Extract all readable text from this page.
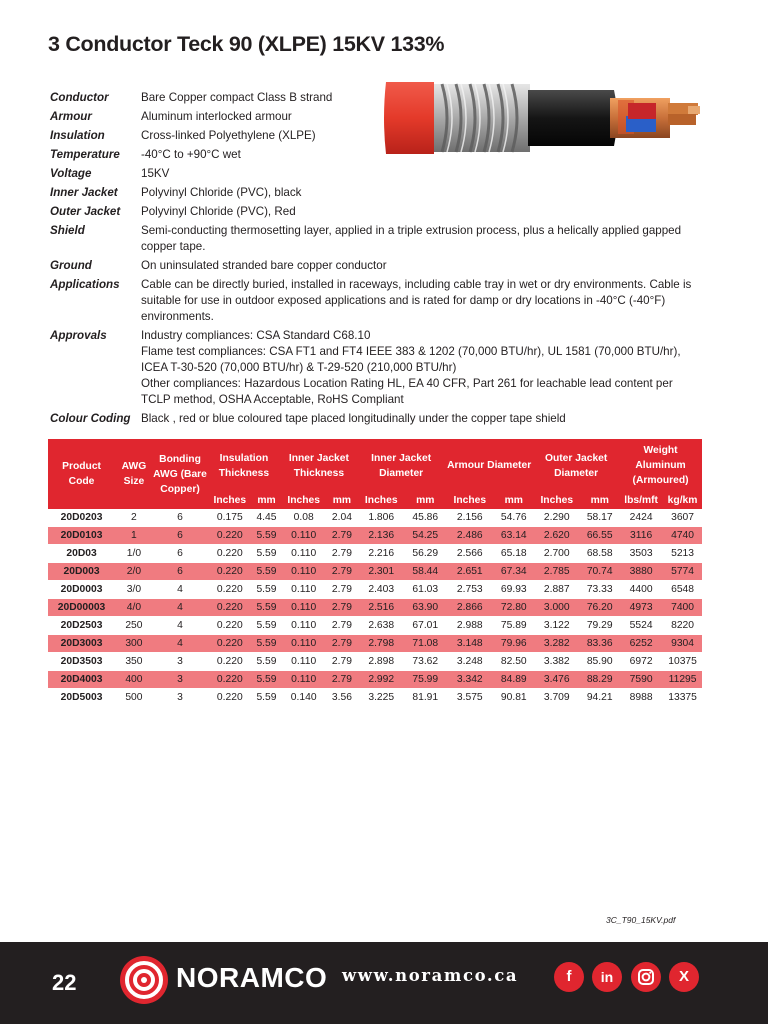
3 Conductor Teck 90 (XLPE) 15KV 133%
Conductor	Bare Copper compact Class B strand
Armour	Aluminum interlocked armour
Insulation	Cross-linked Polyethylene (XLPE)
Temperature	-40°C to +90°C wet
Voltage	15KV
Inner Jacket	Polyvinyl Chloride (PVC), black
Outer Jacket	Polyvinyl Chloride (PVC), Red
Shield	Semi-conducting thermosetting layer, applied in a triple extrusion process, plus a helically applied gapped copper tape.
Ground	On uninsulated stranded bare copper conductor
Applications	Cable can be directly buried, installed in raceways, including cable tray in wet or dry environments. Cable is suitable for use in outdoor exposed applications and is rated for damp or dry locations in -40°C (-40°F) environments.
Approvals	Industry compliances: CSA Standard C68.10
Flame test compliances: CSA FT1 and FT4 IEEE 383 & 1202 (70,000 BTU/hr), UL 1581 (70,000 BTU/hr), ICEA T-30-520 (70,000 BTU/hr) & T-29-520 (210,000 BTU/hr)
Other compliances: Hazardous Location Rating HL, EA 40 CFR, Part 261 for leachable lead content per TCLP method, OSHA Acceptable, RoHS Compliant
Colour Coding Black , red or blue coloured tape placed longitudinally under the copper tape shield
Product Code	AWG Size	Bonding AWG (Bare Copper)	Insulation Thickness		Inner Jacket Thickness		Inner Jacket Diameter		Armour Diameter		Outer Jacket Diameter		Weight Aluminum (Armoured)	
			Inches	mm	Inches	mm	Inches	mm	Inches	mm	Inches	mm	lbs/mft	kg/km
20D0203	2	6	0.175	4.45	0.08	2.04	1.806	45.86	2.156	54.76	2.290	58.17	2424	3607
20D0103	1	6	0.220	5.59	0.110	2.79	2.136	54.25	2.486	63.14	2.620	66.55	3116	4740
20D03	1/0	6	0.220	5.59	0.110	2.79	2.216	56.29	2.566	65.18	2.700	68.58	3503	5213
20D003	2/0	6	0.220	5.59	0.110	2.79	2.301	58.44	2.651	67.34	2.785	70.74	3880	5774
20D0003	3/0	4	0.220	5.59	0.110	2.79	2.403	61.03	2.753	69.93	2.887	73.33	4400	6548
20D00003	4/0	4	0.220	5.59	0.110	2.79	2.516	63.90	2.866	72.80	3.000	76.20	4973	7400
20D2503	250	4	0.220	5.59	0.110	2.79	2.638	67.01	2.988	75.89	3.122	79.29	5524	8220
20D3003	300	4	0.220	5.59	0.110	2.79	2.798	71.08	3.148	79.96	3.282	83.36	6252	9304
20D3503	350	3	0.220	5.59	0.110	2.79	2.898	73.62	3.248	82.50	3.382	85.90	6972	10375
20D4003	400	3	0.220	5.59	0.110	2.79	2.992	75.99	3.342	84.89	3.476	88.29	7590	11295
20D5003	500	3	0.220	5.59	0.140	3.56	3.225	81.91	3.575	90.81	3.709	94.21	8988	13375
3C_T90_15KV.pdf
22	NORAMCO www.noramco.ca	f	in	X
